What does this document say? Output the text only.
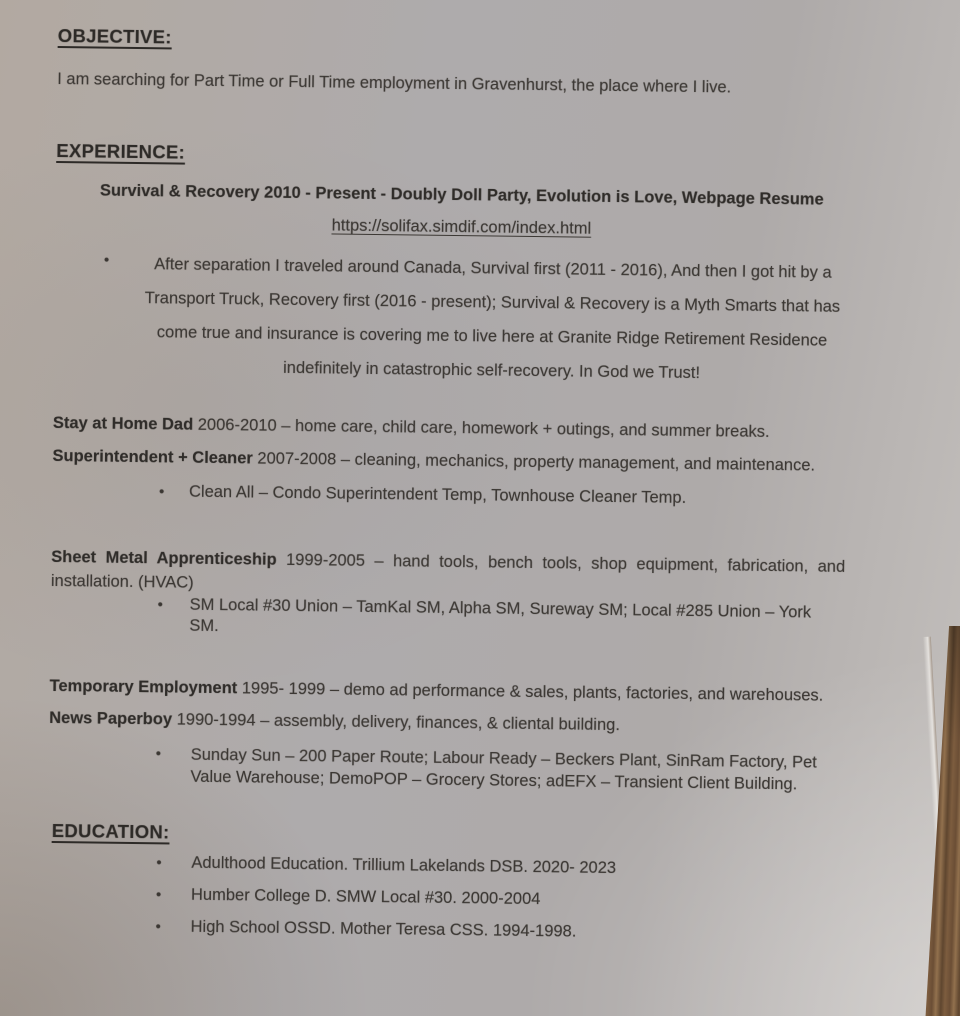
OBJECTIVE:
I am searching for Part Time or Full Time employment in Gravenhurst, the place where I live.
EXPERIENCE:
Survival & Recovery 2010 - Present - Doubly Doll Party, Evolution is Love, Webpage Resume
https://solifax.simdif.com/index.html
•	After separation I traveled around Canada, Survival first (2011 - 2016), And then I got hit by a Transport Truck, Recovery first (2016 - present); Survival & Recovery is a Myth Smarts that has come true and insurance is covering me to live here at Granite Ridge Retirement Residence indefinitely in catastrophic self-recovery. In God we Trust!
Stay at Home Dad 2006-2010 – home care, child care, homework + outings, and summer breaks.
Superintendent + Cleaner 2007-2008 – cleaning, mechanics, property management, and maintenance.
•	Clean All – Condo Superintendent Temp, Townhouse Cleaner Temp.
Sheet Metal Apprenticeship 1999-2005 – hand tools, bench tools, shop equipment, fabrication, and installation. (HVAC)
•	SM Local #30 Union – TamKal SM, Alpha SM, Sureway SM; Local #285 Union – York SM.
Temporary Employment 1995- 1999 – demo ad performance & sales, plants, factories, and warehouses.
News Paperboy 1990-1994 – assembly, delivery, finances, & cliental building.
•	Sunday Sun – 200 Paper Route; Labour Ready – Beckers Plant, SinRam Factory, Pet Value Warehouse; DemoPOP – Grocery Stores; adEFX – Transient Client Building.
EDUCATION:
•	Adulthood Education. Trillium Lakelands DSB. 2020- 2023
•	Humber College D. SMW Local #30. 2000-2004
•	High School OSSD. Mother Teresa CSS. 1994-1998.
